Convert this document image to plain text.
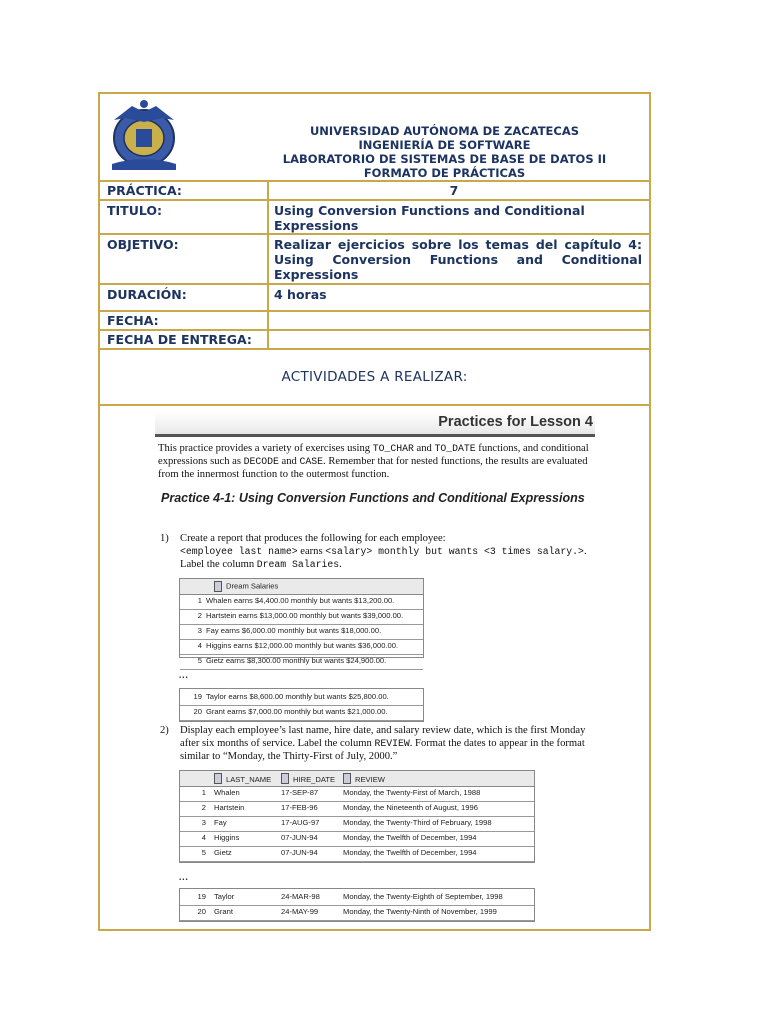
UNIVERSIDAD AUTÓNOMA DE ZACATECAS
INGENIERÍA DE SOFTWARE
LABORATORIO DE SISTEMAS DE BASE DE DATOS II
FORMATO DE PRÁCTICAS
PRÁCTICA:	7
TITULO:	Using Conversion Functions and Conditional Expressions
OBJETIVO:	Realizar ejercicios sobre los temas del capítulo 4: Using Conversion Functions and Conditional Expressions
DURACIÓN:	4 horas
FECHA:
FECHA DE ENTREGA:
ACTIVIDADES A REALIZAR:
Practices for Lesson 4
This practice provides a variety of exercises using TO_CHAR and TO_DATE functions, and conditional expressions such as DECODE and CASE. Remember that for nested functions, the results are evaluated from the innermost function to the outermost function.
Practice 4-1: Using Conversion Functions and Conditional Expressions
1) Create a report that produces the following for each employee:
<employee last name> earns <salary> monthly but wants <3 times salary.>. Label the column Dream Salaries.
Dream Salaries
1 Whalen earns $4,400.00 monthly but wants $13,200.00.
2 Hartstein earns $13,000.00 monthly but wants $39,000.00.
3 Fay earns $6,000.00 monthly but wants $18,000.00.
4 Higgins earns $12,000.00 monthly but wants $36,000.00.
5 Gietz earns $8,300.00 monthly but wants $24,900.00.
...
19 Taylor earns $8,600.00 monthly but wants $25,800.00.
20 Grant earns $7,000.00 monthly but wants $21,000.00.
2) Display each employee’s last name, hire date, and salary review date, which is the first Monday after six months of service. Label the column REVIEW. Format the dates to appear in the format similar to “Monday, the Thirty-First of July, 2000.”
LAST_NAME	HIRE_DATE	REVIEW
1 Whalen	17-SEP-87	Monday, the Twenty-First of March, 1988
2 Hartstein	17-FEB-96	Monday, the Nineteenth of August, 1996
3 Fay	17-AUG-97	Monday, the Twenty-Third of February, 1998
4 Higgins	07-JUN-94	Monday, the Twelfth of December, 1994
5 Gietz	07-JUN-94	Monday, the Twelfth of December, 1994
...
19 Taylor	24-MAR-98	Monday, the Twenty-Eighth of September, 1998
20 Grant	24-MAY-99	Monday, the Twenty-Ninth of November, 1999
